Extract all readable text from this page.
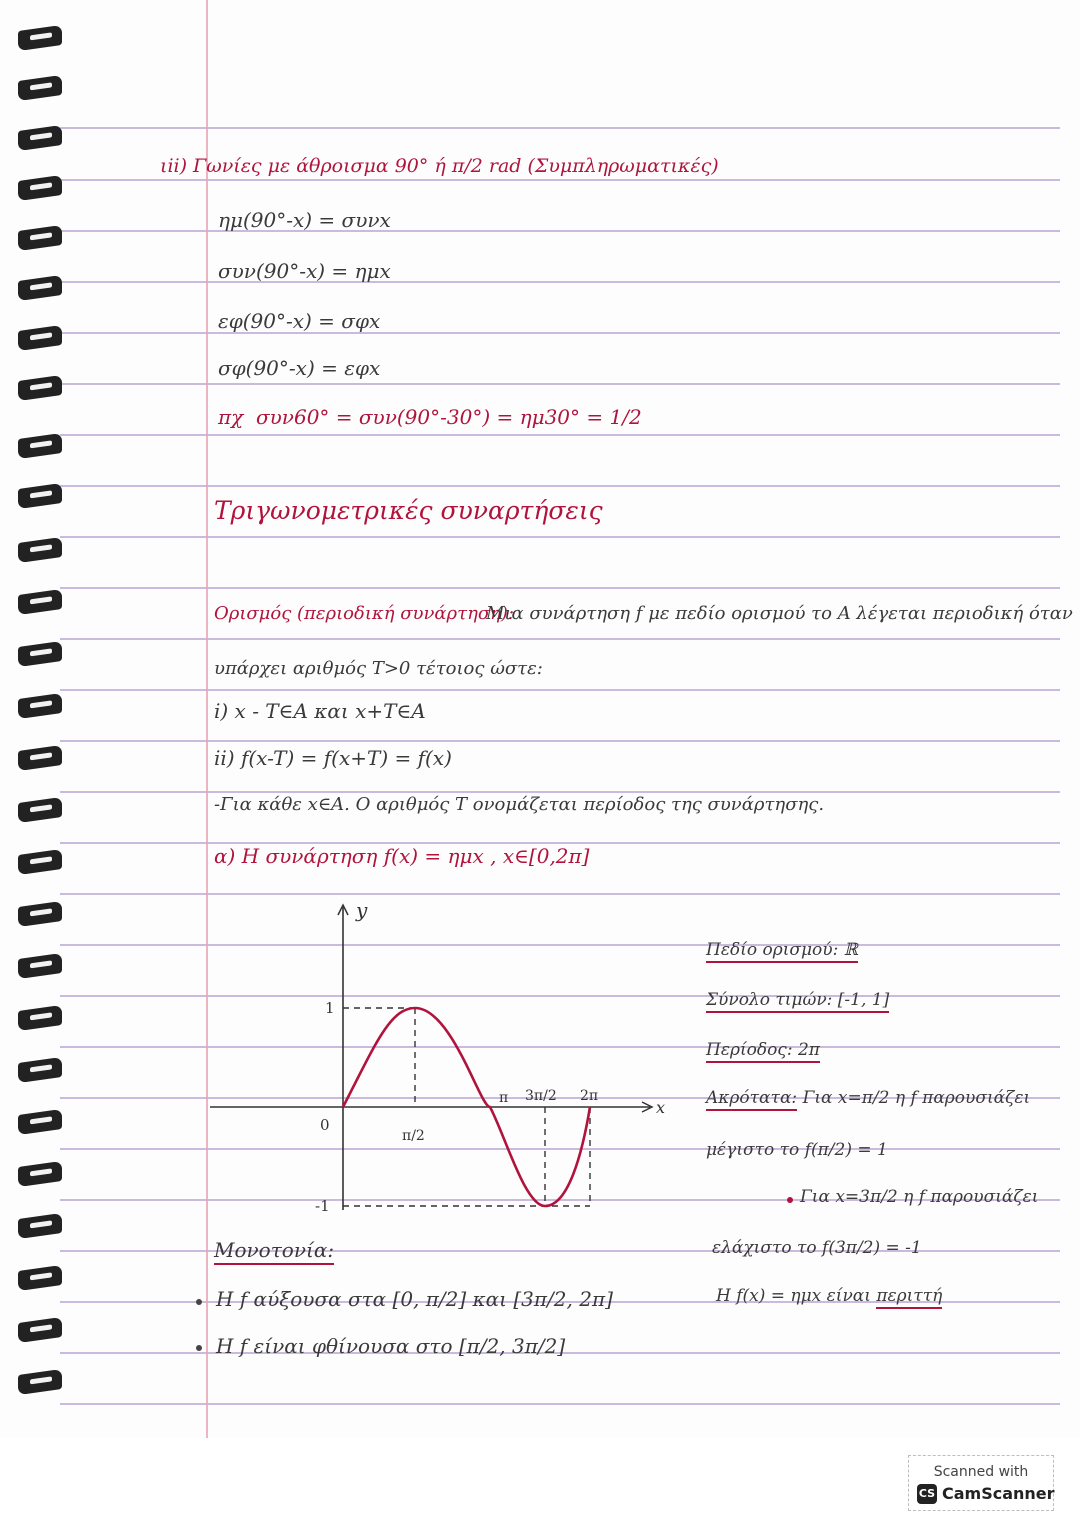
ιii) Γωνίες με άθροισμα 90° ή π/2 rad (Συμπληρωματικές)
ημ(90°-x) = συνx
συν(90°-x) = ημx
εφ(90°-x) = σφx
σφ(90°-x) = εφx
πχ συν60° = συν(90°-30°) = ημ30° = 1/2
Τριγωνομετρικές συναρτήσεις
Ορισμός (περιοδική συνάρτηση):
Μια συνάρτηση f με πεδίο ορισμού το Α λέγεται περιοδική όταν
υπάρχει αριθμός T>0 τέτοιος ώστε:
i) x - T∈A και x+T∈A
ii) f(x-T) = f(x+T) = f(x)
-Για κάθε x∈A. Ο αριθμός T ονομάζεται περίοδος της συνάρτησης.
α) Η συνάρτηση f(x) = ημx , x∈[0,2π]
y
x
0
1
-1
π/2
π 3π/2 2π
Πεδίο ορισμού: ℝ
Σύνολο τιμών: [-1, 1]
Περίοδος: 2π
Ακρότατα: Για x=π/2 η f παρουσιάζει
μέγιστο το f(π/2) = 1
Για x=3π/2 η f παρουσιάζει
ελάχιστο το f(3π/2) = -1
Η f(x) = ημx είναι περιττή
Μονοτονία:
Η f αύξουσα στα [0, π/2] και [3π/2, 2π]
Η f είναι φθίνουσα στο [π/2, 3π/2]
Scanned with
CS CamScanner
